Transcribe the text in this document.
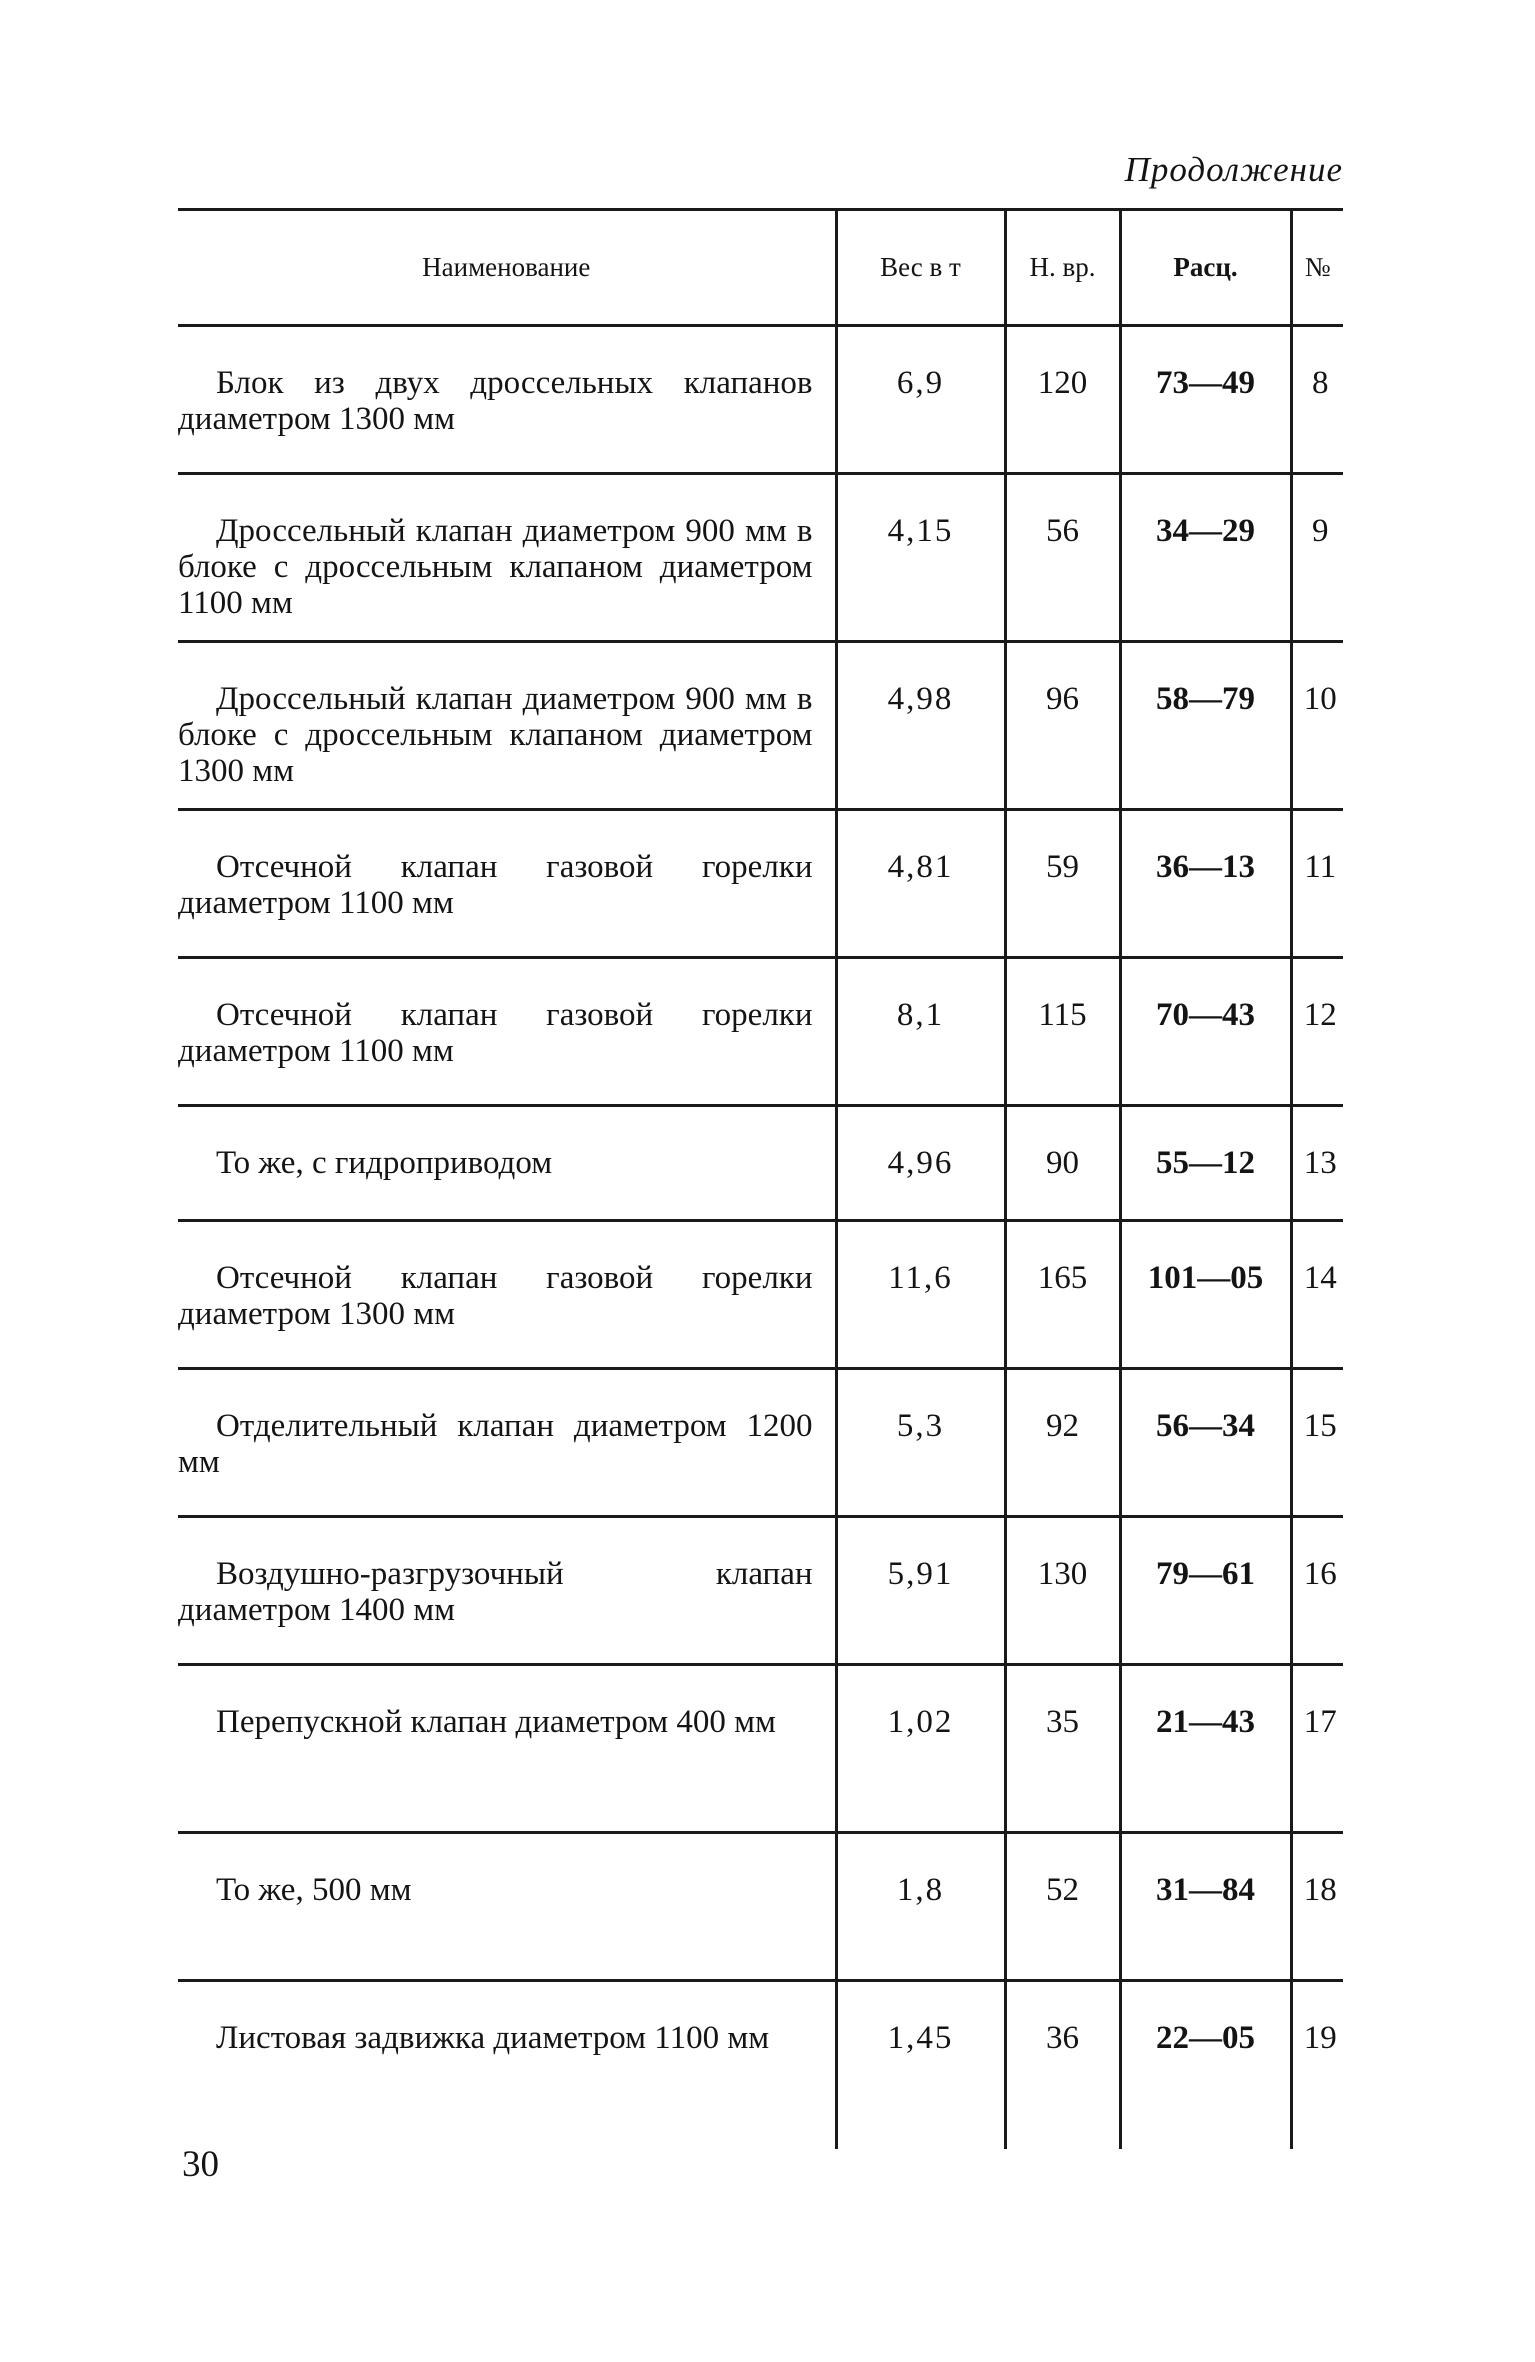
Продолжение
Наименование	Вес в т	Н. вр.	Расц.	№
Блок из двух дроссельных клапанов диаметром 1300 мм	6,9	120	73—49	8
Дроссельный клапан диаметром 900 мм в блоке с дроссельным клапаном диаметром 1100 мм	4,15	56	34—29	9
Дроссельный клапан диаметром 900 мм в блоке с дроссельным клапаном диаметром 1300 мм	4,98	96	58—79	10
Отсечной клапан газовой горелки диаметром 1100 мм	4,81	59	36—13	11
Отсечной клапан газовой горелки диаметром 1100 мм	8,1	115	70—43	12
То же, с гидроприводом	4,96	90	55—12	13
Отсечной клапан газовой горелки диаметром 1300 мм	11,6	165	101—05	14
Отделительный клапан диаметром 1200 мм	5,3	92	56—34	15
Воздушно-разгрузочный клапан диаметром 1400 мм	5,91	130	79—61	16
Перепускной клапан диаметром 400 мм	1,02	35	21—43	17
То же, 500 мм	1,8	52	31—84	18
Листовая задвижка диаметром 1100 мм	1,45	36	22—05	19
30
